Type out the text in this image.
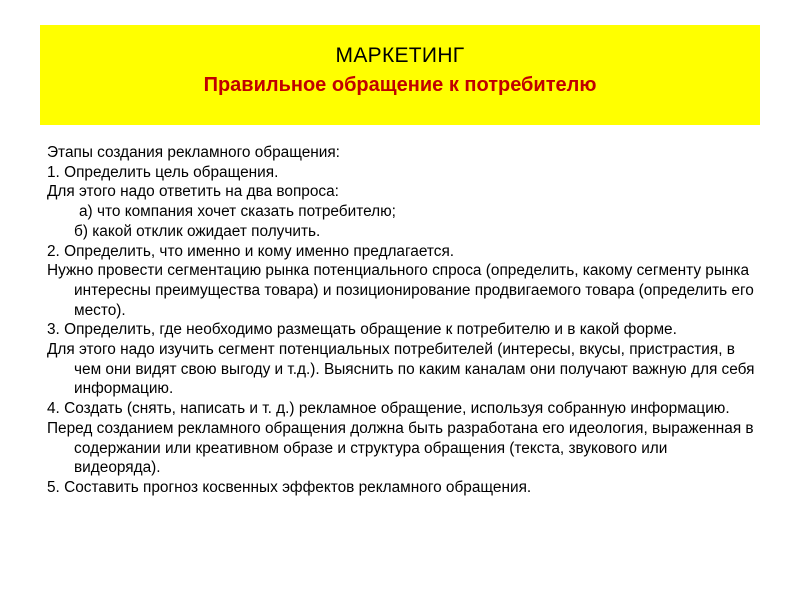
МАРКЕТИНГ
Правильное обращение к потребителю

Этапы создания рекламного обращения:

1. Определить цель обращения.

Для этого надо ответить на два вопроса:

а) что компания хочет сказать потребителю;

б) какой отклик ожидает получить.

2. Определить, что именно и кому именно предлагается.

Нужно провести сегментацию рынка потенциального спроса (определить, какому сегменту рынка интересны преимущества товара) и позиционирование продвигаемого товара (определить его место).

3. Определить, где необходимо размещать обращение к потребителю и в какой форме.

Для этого надо изучить сегмент потенциальных потребителей (интересы, вкусы, пристрастия, в чем они видят свою выгоду и т.д.). Выяснить по каким каналам они получают важную для себя информацию.

4. Создать (снять, написать и т. д.) рекламное обращение, используя собранную информацию.

Перед созданием рекламного обращения должна быть разработана его идеология, выраженная в содержании или креативном образе и структура обращения (текста, звукового или видеоряда).

5. Составить прогноз косвенных эффектов рекламного обращения.
